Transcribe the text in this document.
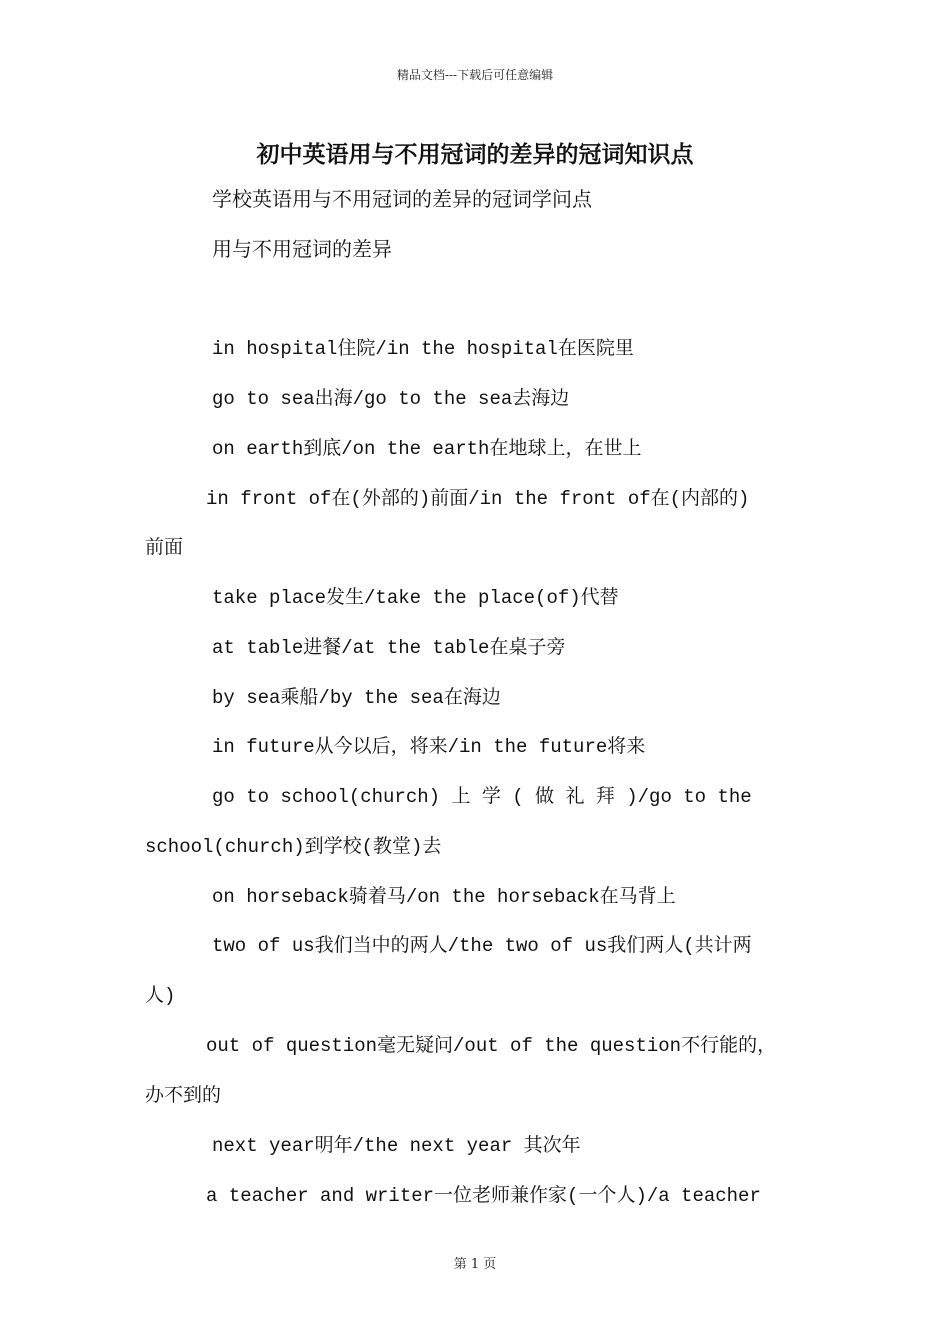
精品文档---下载后可任意编辑
初中英语用与不用冠词的差异的冠词知识点
学校英语用与不用冠词的差异的冠词学问点
用与不用冠词的差异
in hospital住院/in the hospital在医院里
go to sea出海/go to the sea去海边
on earth到底/on the earth在地球上，在世上
in front of在(外部的)前面/in the front of在(内部的)
前面
take place发生/take the place(of)代替
at table进餐/at the table在桌子旁
by sea乘船/by the sea在海边
in future从今以后，将来/in the future将来
go to school(church) 上 学 ( 做 礼 拜 )/go to the
school(church)到学校(教堂)去
on horseback骑着马/on the horseback在马背上
two of us我们当中的两人/the two of us我们两人(共计两
人)
out of question毫无疑问/out of the question不行能的，
办不到的
next year明年/the next year 其次年
a teacher and writer一位老师兼作家(一个人)/a teacher
第 1 页
